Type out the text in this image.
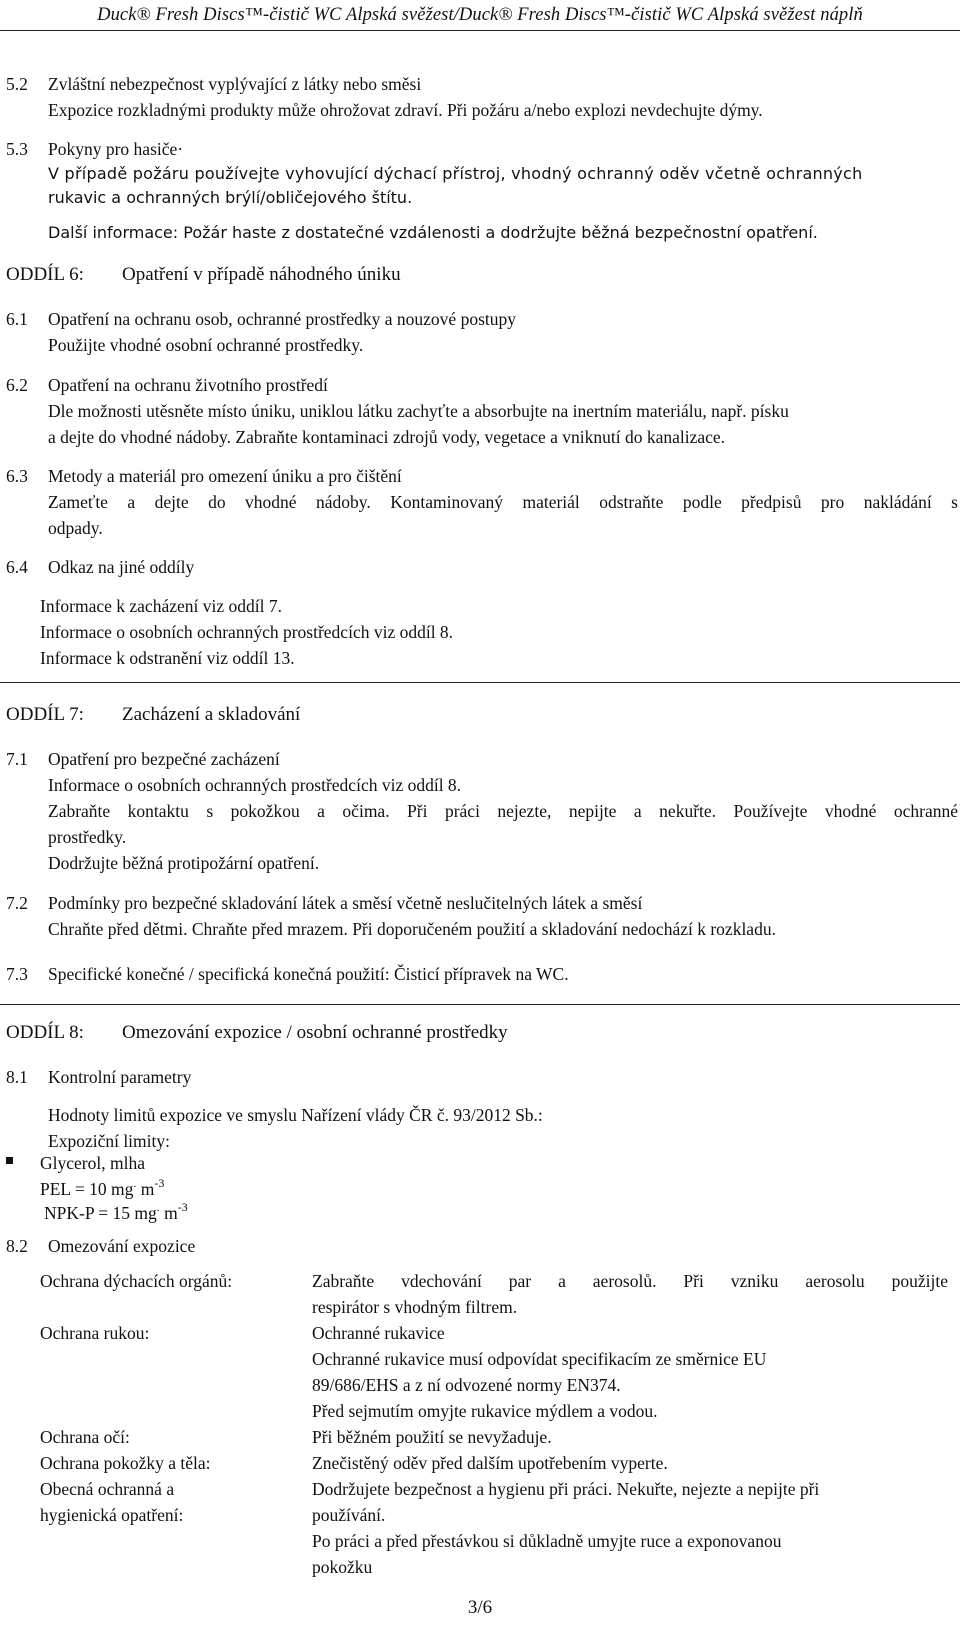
Duck® Fresh Discs™-čistič WC Alpská svěžest/Duck® Fresh Discs™-čistič WC Alpská svěžest náplň
5.2 Zvláštní nebezpečnost vyplývající z látky nebo směsi
Expozice rozkladnými produkty může ohrožovat zdraví. Při požáru a/nebo explozi nevdechujte dýmy.
5.3 Pokyny pro hasiče·
V případě požáru používejte vyhovující dýchací přístroj, vhodný ochranný oděv včetně ochranných
rukavic a ochranných brýlí/obličejového štítu.
Další informace: Požár haste z dostatečné vzdálenosti a dodržujte běžná bezpečnostní opatření.
ODDÍL 6: Opatření v případě náhodného úniku
6.1 Opatření na ochranu osob, ochranné prostředky a nouzové postupy
Použijte vhodné osobní ochranné prostředky.
6.2 Opatření na ochranu životního prostředí
Dle možnosti utěsněte místo úniku, uniklou látku zachyťte a absorbujte na inertním materiálu, např. písku
a dejte do vhodné nádoby. Zabraňte kontaminaci zdrojů vody, vegetace a vniknutí do kanalizace.
6.3 Metody a materiál pro omezení úniku a pro čištění
Zameťte a dejte do vhodné nádoby. Kontaminovaný materiál odstraňte podle předpisů pro nakládání s
odpady.
6.4 Odkaz na jiné oddíly
Informace k zacházení viz oddíl 7.
Informace o osobních ochranných prostředcích viz oddíl 8.
Informace k odstranění viz oddíl 13.
ODDÍL 7: Zacházení a skladování
7.1 Opatření pro bezpečné zacházení
Informace o osobních ochranných prostředcích viz oddíl 8.
Zabraňte kontaktu s pokožkou a očima. Při práci nejezte, nepijte a nekuřte. Používejte vhodné ochranné
prostředky.
Dodržujte běžná protipožární opatření.
7.2 Podmínky pro bezpečné skladování látek a směsí včetně neslučitelných látek a směsí
Chraňte před dětmi. Chraňte před mrazem. Při doporučeném použití a skladování nedochází k rozkladu.
7.3 Specifické konečné / specifická konečná použití: Čisticí přípravek na WC.
ODDÍL 8: Omezování expozice / osobní ochranné prostředky
8.1 Kontrolní parametry
Hodnoty limitů expozice ve smyslu Nařízení vlády ČR č. 93/2012 Sb.:
Expoziční limity:
Glycerol, mlha
PEL = 10 mg. $m^{-3}$
NPK-P = 15 mg. $m^{-3}$
8.2 Omezování expozice
Ochrana dýchacích orgánů:	Zabraňte vdechování par a aerosolů. Při vzniku aerosolu použijte
respirátor s vhodným filtrem.
Ochrana rukou:	Ochranné rukavice
Ochranné rukavice musí odpovídat specifikacím ze směrnice EU
89/686/EHS a z ní odvozené normy EN374.
Před sejmutím omyjte rukavice mýdlem a vodou.
Ochrana očí:	Při běžném použití se nevyžaduje.
Ochrana pokožky a těla:	Znečistěný oděv před dalším upotřebením vyperte.
Obecná ochranná a
hygienická opatření:
Dodržujete bezpečnost a hygienu při práci. Nekuřte, nejezte a nepijte při
používání.
Po práci a před přestávkou si důkladně umyjte ruce a exponovanou
pokožku
3/6
